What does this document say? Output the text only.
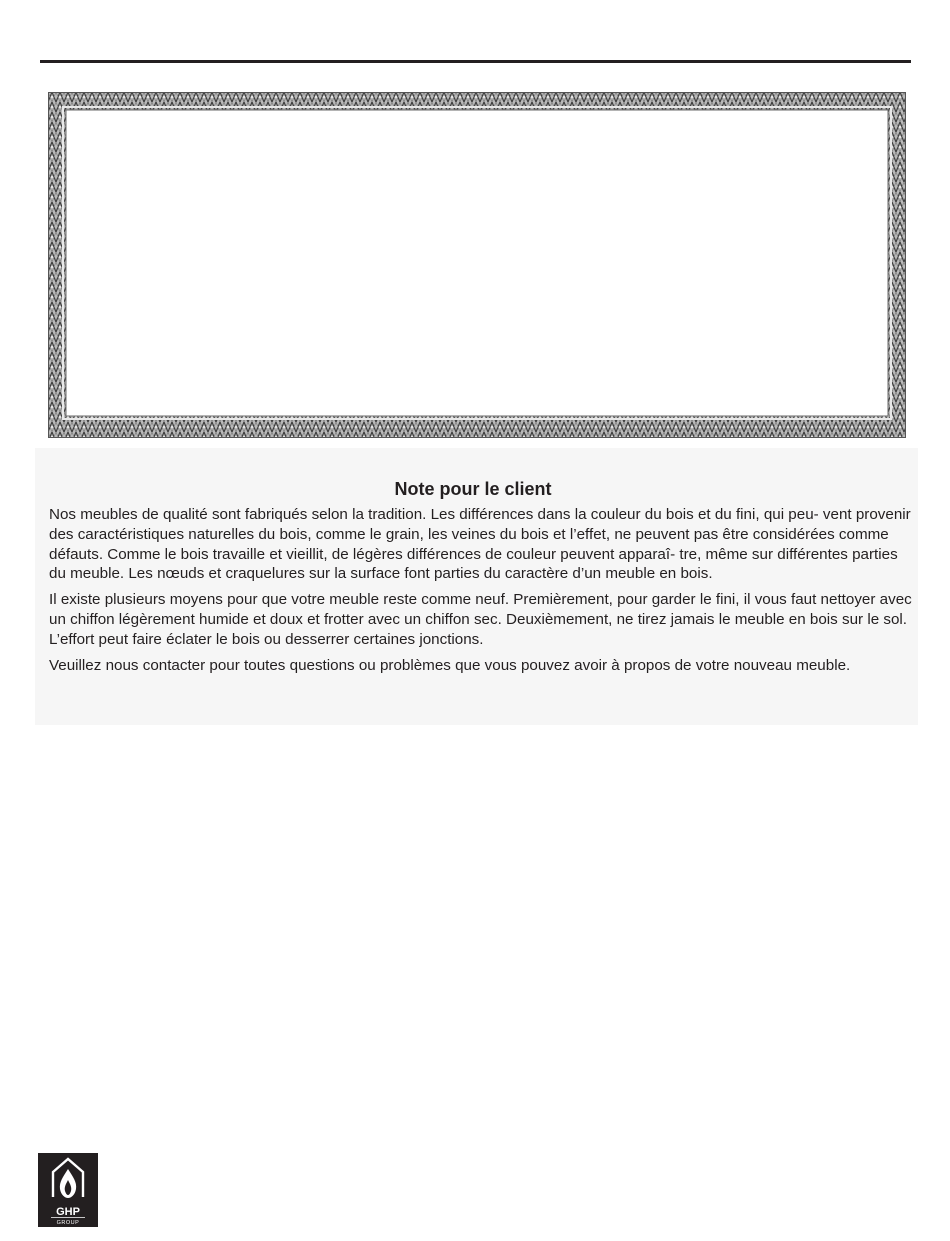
Note pour le client

Nos meubles de qualité sont fabriqués selon la tradition. Les différences dans la couleur du bois et du fini, qui peu- vent provenir des caractéristiques naturelles du bois, comme le grain, les veines du bois et l’effet, ne peuvent pas être considérées comme défauts. Comme le bois travaille et vieillit, de légères différences de couleur peuvent apparaî- tre, même sur différentes parties du meuble. Les nœuds et craquelures sur la surface font parties du caractère d’un meuble en bois.

Il existe plusieurs moyens pour que votre meuble reste comme neuf. Premièrement, pour garder le fini, il vous faut nettoyer avec un chiffon légèrement humide et doux et frotter avec un chiffon sec. Deuxièmement, ne tirez jamais le meuble en bois sur le sol. L’effort peut faire éclater le bois ou desserrer certaines jonctions.

Veuillez nous contacter pour toutes questions ou problèmes que vous pouvez avoir à propos de votre nouveau meuble.

GHP
GROUP
